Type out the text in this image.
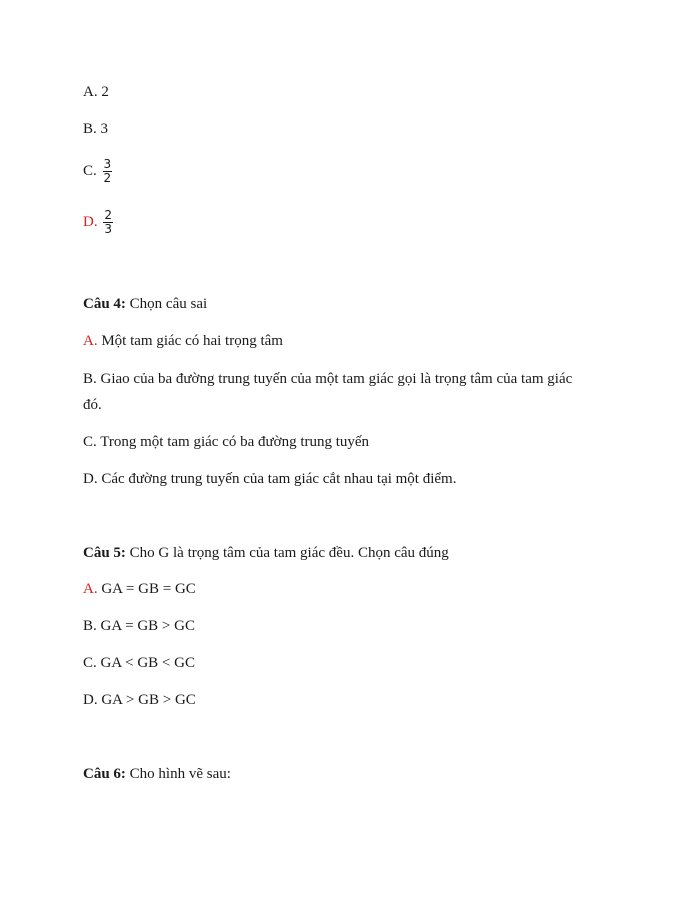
A. 2
B. 3
C. $\frac{3}{2}$
D. $\frac{2}{3}$
Câu 4: Chọn câu sai
A. Một tam giác có hai trọng tâm
B. Giao của ba đường trung tuyến của một tam giác gọi là trọng tâm của tam giác
đó.
C. Trong một tam giác có ba đường trung tuyến
D. Các đường trung tuyến của tam giác cắt nhau tại một điểm.
Câu 5: Cho G là trọng tâm của tam giác đều. Chọn câu đúng
A. GA = GB = GC
B. GA = GB > GC
C. GA < GB < GC
D. GA > GB > GC
Câu 6: Cho hình vẽ sau:
